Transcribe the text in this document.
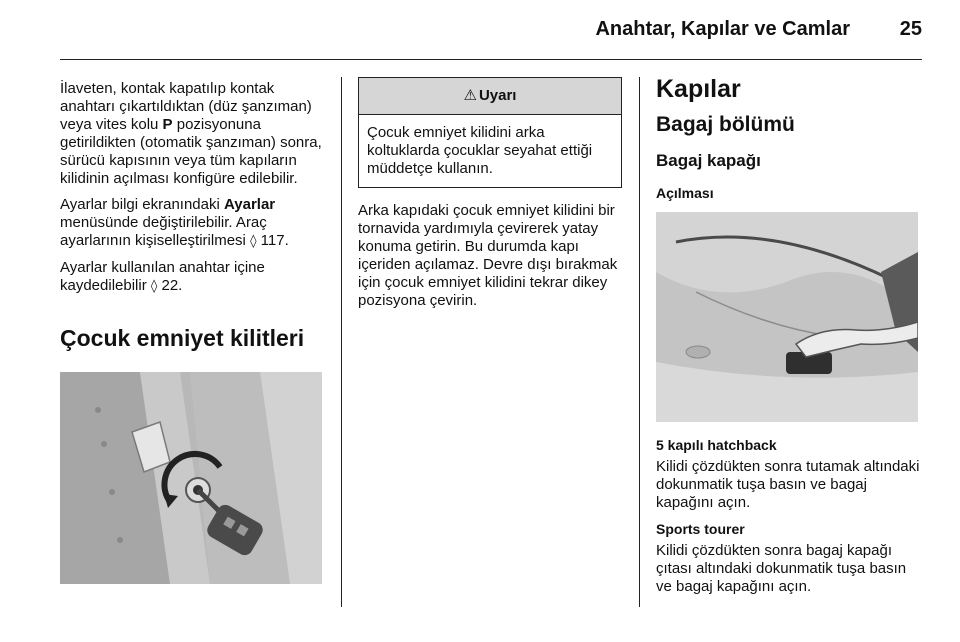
Anahtar, Kapılar ve Camlar	25

İlaveten, kontak kapatılıp kontak anahtarı çıkartıldıktan (düz şanzıman) veya vites kolu P pozisyonuna getirildikten (otomatik şanzıman) sonra, sürücü kapısının veya tüm kapıların kilidinin açılması konfigüre edilebilir.

Ayarlar bilgi ekranındaki Ayarlar menüsünde değiştirilebilir. Araç ayarlarının kişiselleştirilmesi ◊ 117.

Ayarlar kullanılan anahtar içine kaydedilebilir ◊ 22.

Çocuk emniyet kilitleri
⚠ Uyarı
Çocuk emniyet kilidini arka koltuklarda çocuklar seyahat ettiği müddetçe kullanın.

Arka kapıdaki çocuk emniyet kilidini bir tornavida yardımıyla çevirerek yatay konuma getirin. Bu durumda kapı içeriden açılamaz. Devre dışı bırakmak için çocuk emniyet kilidini tekrar dikey pozisyona çevirin.

Kapılar
Bagaj bölümü
Bagaj kapağı
Açılması

5 kapılı hatchback

Kilidi çözdükten sonra tutamak altındaki dokunmatik tuşa basın ve bagaj kapağını açın.

Sports tourer

Kilidi çözdükten sonra bagaj kapağı çıtası altındaki dokunmatik tuşa basın ve bagaj kapağını açın.
